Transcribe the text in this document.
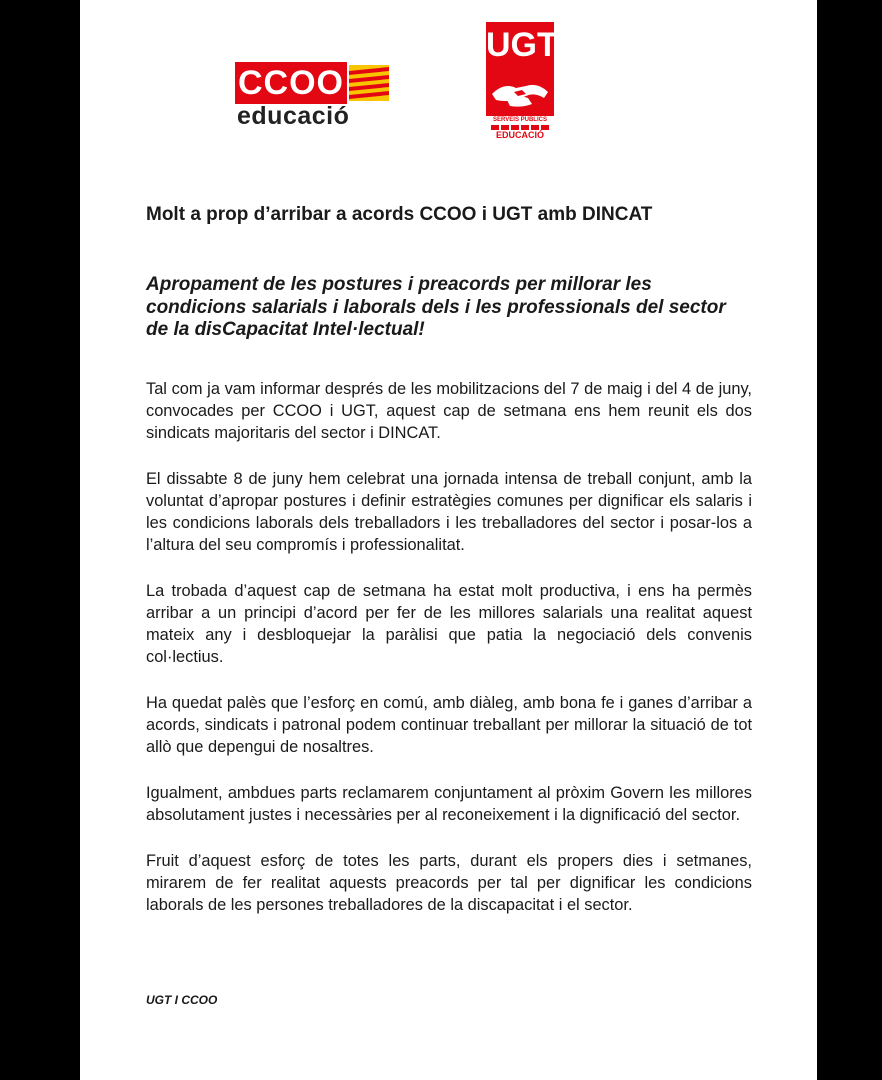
CCOO
educació
UGT
SERVEIS PÚBLICS
EDUCACIÓ
Molt a prop d’arribar a acords CCOO i UGT amb DINCAT
Apropament de les postures i preacords per millorar les condicions salarials i laborals dels i les professionals del sector de la disCapacitat Intel·lectual!

Tal com ja vam informar després de les mobilitzacions del 7 de maig i del 4 de juny, convocades per CCOO i UGT, aquest cap de setmana ens hem reunit els dos sindicats majoritaris del sector i DINCAT.

El dissabte 8 de juny hem celebrat una jornada intensa de treball conjunt, amb la voluntat d’apropar postures i definir estratègies comunes per dignificar els salaris i les condicions laborals dels treballadors i les treballadores del sector i posar-los a l’altura del seu compromís i professionalitat.

La trobada d’aquest cap de setmana ha estat molt productiva, i ens ha permès arribar a un principi d’acord per fer de les millores salarials una realitat aquest mateix any i desbloquejar la paràlisi que patia la negociació dels convenis col·lectius.

Ha quedat palès que l’esforç en comú, amb diàleg, amb bona fe i ganes d’arribar a acords, sindicats i patronal podem continuar treballant per millorar la situació de tot allò que depengui de nosaltres.

Igualment, ambdues parts reclamarem conjuntament al pròxim Govern les millores absolutament justes i necessàries per al reconeixement i la dignificació del sector.

Fruit d’aquest esforç de totes les parts, durant els propers dies i setmanes, mirarem de fer realitat aquests preacords per tal per dignificar les condicions laborals de les persones treballadores de la discapacitat i el sector.

UGT I CCOO
